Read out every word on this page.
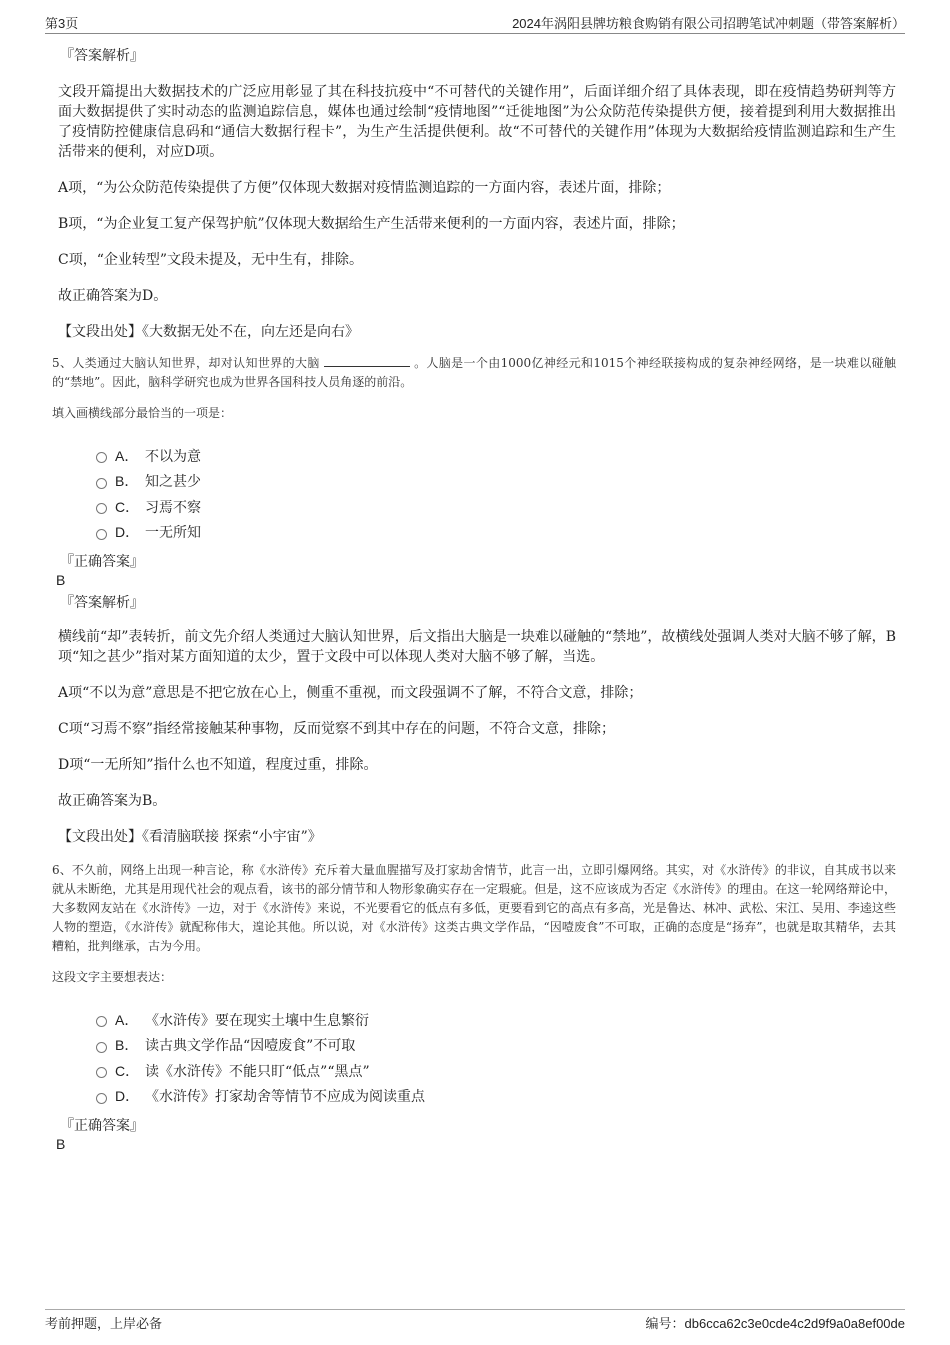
第3页	2024年涡阳县牌坊粮食购销有限公司招聘笔试冲刺题（带答案解析）
『答案解析』

文段开篇提出大数据技术的广泛应用彰显了其在科技抗疫中“不可替代的关键作用”，后面详细介绍了具体表现，即在疫情趋势研判等方面大数据提供了实时动态的监测追踪信息，媒体也通过绘制“疫情地图”“迁徙地图”为公众防范传染提供方便，接着提到利用大数据推出了疫情防控健康信息码和“通信大数据行程卡”，为生产生活提供便利。故“不可替代的关键作用”体现为大数据给疫情监测追踪和生产生活带来的便利，对应D项。

A项，“为公众防范传染提供了方便”仅体现大数据对疫情监测追踪的一方面内容，表述片面，排除；

B项，“为企业复工复产保驾护航”仅体现大数据给生产生活带来便利的一方面内容，表述片面，排除；

C项，“企业转型”文段未提及，无中生有，排除。

故正确答案为D。

【文段出处】《大数据无处不在，向左还是向右》

5、人类通过大脑认知世界，却对认知世界的大脑	。人脑是一个由1000亿神经元和1015个神经联接构成的复杂神经网络，是一块难以碰触的“禁地”。因此，脑科学研究也成为世界各国科技人员角逐的前沿。

填入画横线部分最恰当的一项是：

A． 不以为意
B． 知之甚少
C． 习焉不察
D． 一无所知
『正确答案』
B
『答案解析』

横线前“却”表转折，前文先介绍人类通过大脑认知世界，后文指出大脑是一块难以碰触的“禁地”，故横线处强调人类对大脑不够了解，B项“知之甚少”指对某方面知道的太少，置于文段中可以体现人类对大脑不够了解，当选。

A项“不以为意”意思是不把它放在心上，侧重不重视，而文段强调不了解，不符合文意，排除；

C项“习焉不察”指经常接触某种事物，反而觉察不到其中存在的问题，不符合文意，排除；

D项“一无所知”指什么也不知道，程度过重，排除。

故正确答案为B。

【文段出处】《看清脑联接 探索“小宇宙”》

6、不久前，网络上出现一种言论，称《水浒传》充斥着大量血腥描写及打家劫舍情节，此言一出，立即引爆网络。其实，对《水浒传》的非议，自其成书以来就从未断绝，尤其是用现代社会的观点看，该书的部分情节和人物形象确实存在一定瑕疵。但是，这不应该成为否定《水浒传》的理由。在这一轮网络辩论中，大多数网友站在《水浒传》一边，对于《水浒传》来说，不光要看它的低点有多低，更要看到它的高点有多高，光是鲁达、林冲、武松、宋江、吴用、李逵这些人物的塑造，《水浒传》就配称伟大，遑论其他。所以说，对《水浒传》这类古典文学作品，“因噎废食”不可取，正确的态度是“扬弃”，也就是取其精华，去其糟粕，批判继承，古为今用。

这段文字主要想表达：

A． 《水浒传》要在现实土壤中生息繁衍
B． 读古典文学作品“因噎废食”不可取
C． 读《水浒传》不能只盯“低点”“黑点”
D． 《水浒传》打家劫舍等情节不应成为阅读重点
『正确答案』
B
考前押题，上岸必备	编号：db6cca62c3e0cde4c2d9f9a0a8ef00de
